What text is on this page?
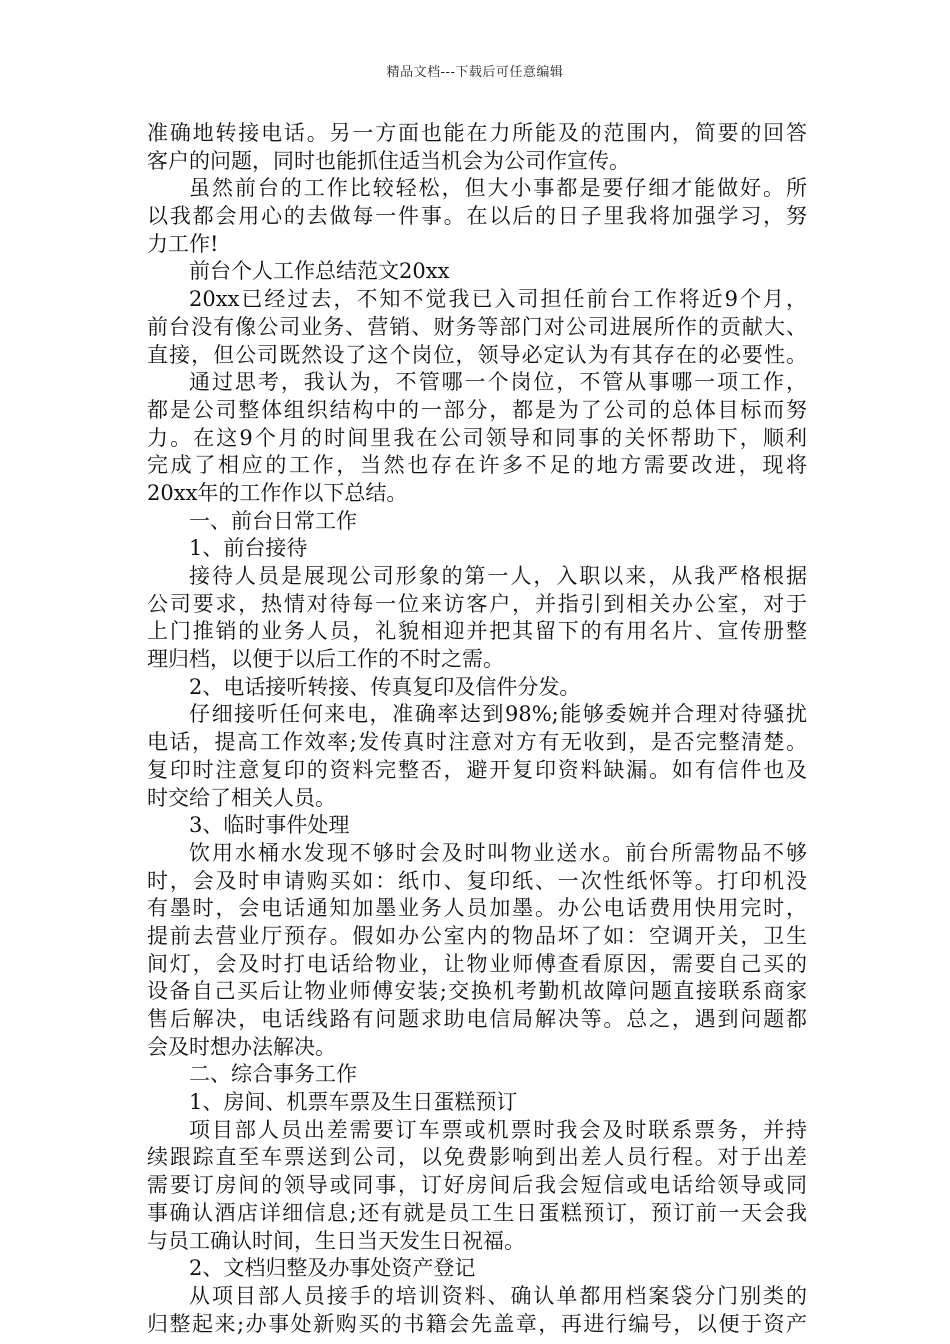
精品文档---下载后可任意编辑
准确地转接电话。另一方面也能在力所能及的范围内，简要的回答
客户的问题，同时也能抓住适当机会为公司作宣传。
虽然前台的工作比较轻松，但大小事都是要仔细才能做好。所
以我都会用心的去做每一件事。在以后的日子里我将加强学习，努
力工作!
前台个人工作总结范文20xx
20xx已经过去，不知不觉我已入司担任前台工作将近9个月，
前台没有像公司业务、营销、财务等部门对公司进展所作的贡献大、
直接，但公司既然设了这个岗位，领导必定认为有其存在的必要性。
通过思考，我认为，不管哪一个岗位，不管从事哪一项工作，
都是公司整体组织结构中的一部分，都是为了公司的总体目标而努
力。在这9个月的时间里我在公司领导和同事的关怀帮助下，顺利
完成了相应的工作，当然也存在许多不足的地方需要改进，现将
20xx年的工作作以下总结。
一、前台日常工作
1、前台接待
接待人员是展现公司形象的第一人，入职以来，从我严格根据
公司要求，热情对待每一位来访客户，并指引到相关办公室，对于
上门推销的业务人员，礼貌相迎并把其留下的有用名片、宣传册整
理归档，以便于以后工作的不时之需。
2、电话接听转接、传真复印及信件分发。
仔细接听任何来电，准确率达到98%;能够委婉并合理对待骚扰
电话，提高工作效率;发传真时注意对方有无收到，是否完整清楚。
复印时注意复印的资料完整否，避开复印资料缺漏。如有信件也及
时交给了相关人员。
3、临时事件处理
饮用水桶水发现不够时会及时叫物业送水。前台所需物品不够
时，会及时申请购买如：纸巾、复印纸、一次性纸怀等。打印机没
有墨时，会电话通知加墨业务人员加墨。办公电话费用快用完时，
提前去营业厅预存。假如办公室内的物品坏了如：空调开关，卫生
间灯，会及时打电话给物业，让物业师傅查看原因，需要自己买的
设备自己买后让物业师傅安装;交换机考勤机故障问题直接联系商家
售后解决，电话线路有问题求助电信局解决等。总之，遇到问题都
会及时想办法解决。
二、综合事务工作
1、房间、机票车票及生日蛋糕预订
项目部人员出差需要订车票或机票时我会及时联系票务，并持
续跟踪直至车票送到公司，以免费影响到出差人员行程。对于出差
需要订房间的领导或同事，订好房间后我会短信或电话给领导或同
事确认酒店详细信息;还有就是员工生日蛋糕预订，预订前一天会我
与员工确认时间，生日当天发生日祝福。
2、文档归整及办事处资产登记
从项目部人员接手的培训资料、确认单都用档案袋分门别类的
归整起来;办事处新购买的书籍会先盖章，再进行编号，以便于资产
